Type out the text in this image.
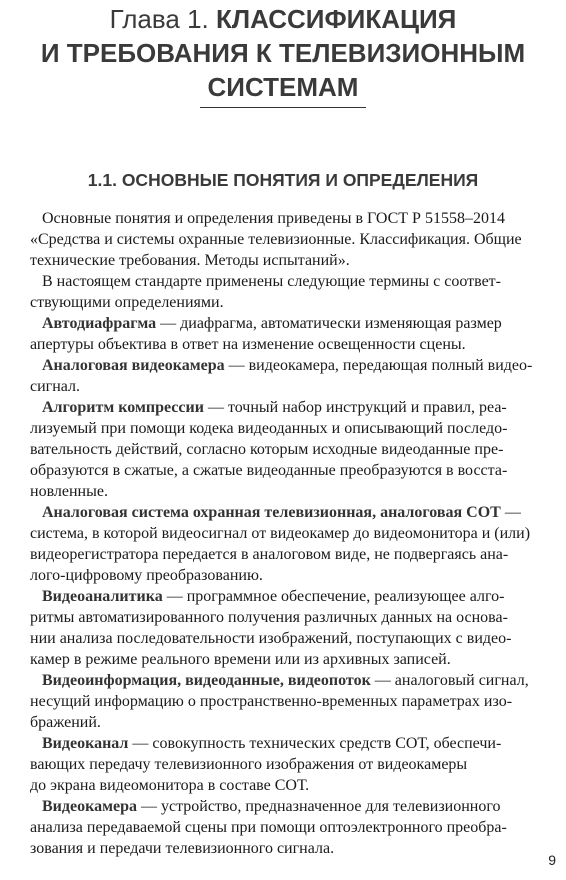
Глава 1. КЛАССИФИКАЦИЯ
И ТРЕБОВАНИЯ К ТЕЛЕВИЗИОННЫМ
СИСТЕМАМ
1.1. ОСНОВНЫЕ ПОНЯТИЯ И ОПРЕДЕЛЕНИЯ

Основные понятия и определения приведены в ГОСТ Р 51558–2014
«Средства и системы охранные телевизионные. Классификация. Общие
технические требования. Методы испытаний».

В настоящем стандарте применены следующие термины с соответ-
ствующими определениями.

Автодиафрагма — диафрагма, автоматически изменяющая размер
апертуры объектива в ответ на изменение освещенности сцены.

Аналоговая видеокамера — видеокамера, передающая полный видео-
сигнал.

Алгоритм компрессии — точный набор инструкций и правил, реа-
лизуемый при помощи кодека видеоданных и описывающий последо-
вательность действий, согласно которым исходные видеоданные пре-
образуются в сжатые, а сжатые видеоданные преобразуются в восста-
новленные.

Аналоговая система охранная телевизионная, аналоговая СОТ —
система, в которой видеосигнал от видеокамер до видеомонитора и (или)
видеорегистратора передается в аналоговом виде, не подвергаясь ана-
лого-цифровому преобразованию.

Видеоаналитика — программное обеспечение, реализующее алго-
ритмы автоматизированного получения различных данных на основа-
нии анализа последовательности изображений, поступающих с видео-
камер в режиме реального времени или из архивных записей.

Видеоинформация, видеоданные, видеопоток — аналоговый сигнал,
несущий информацию о пространственно-временных параметрах изо-
бражений.

Видеоканал — совокупность технических средств СОТ, обеспечи-
вающих передачу телевизионного изображения от видеокамеры
до экрана видеомонитора в составе СОТ.

Видеокамера — устройство, предназначенное для телевизионного
анализа передаваемой сцены при помощи оптоэлектронного преобра-
зования и передачи телевизионного сигнала.

9
